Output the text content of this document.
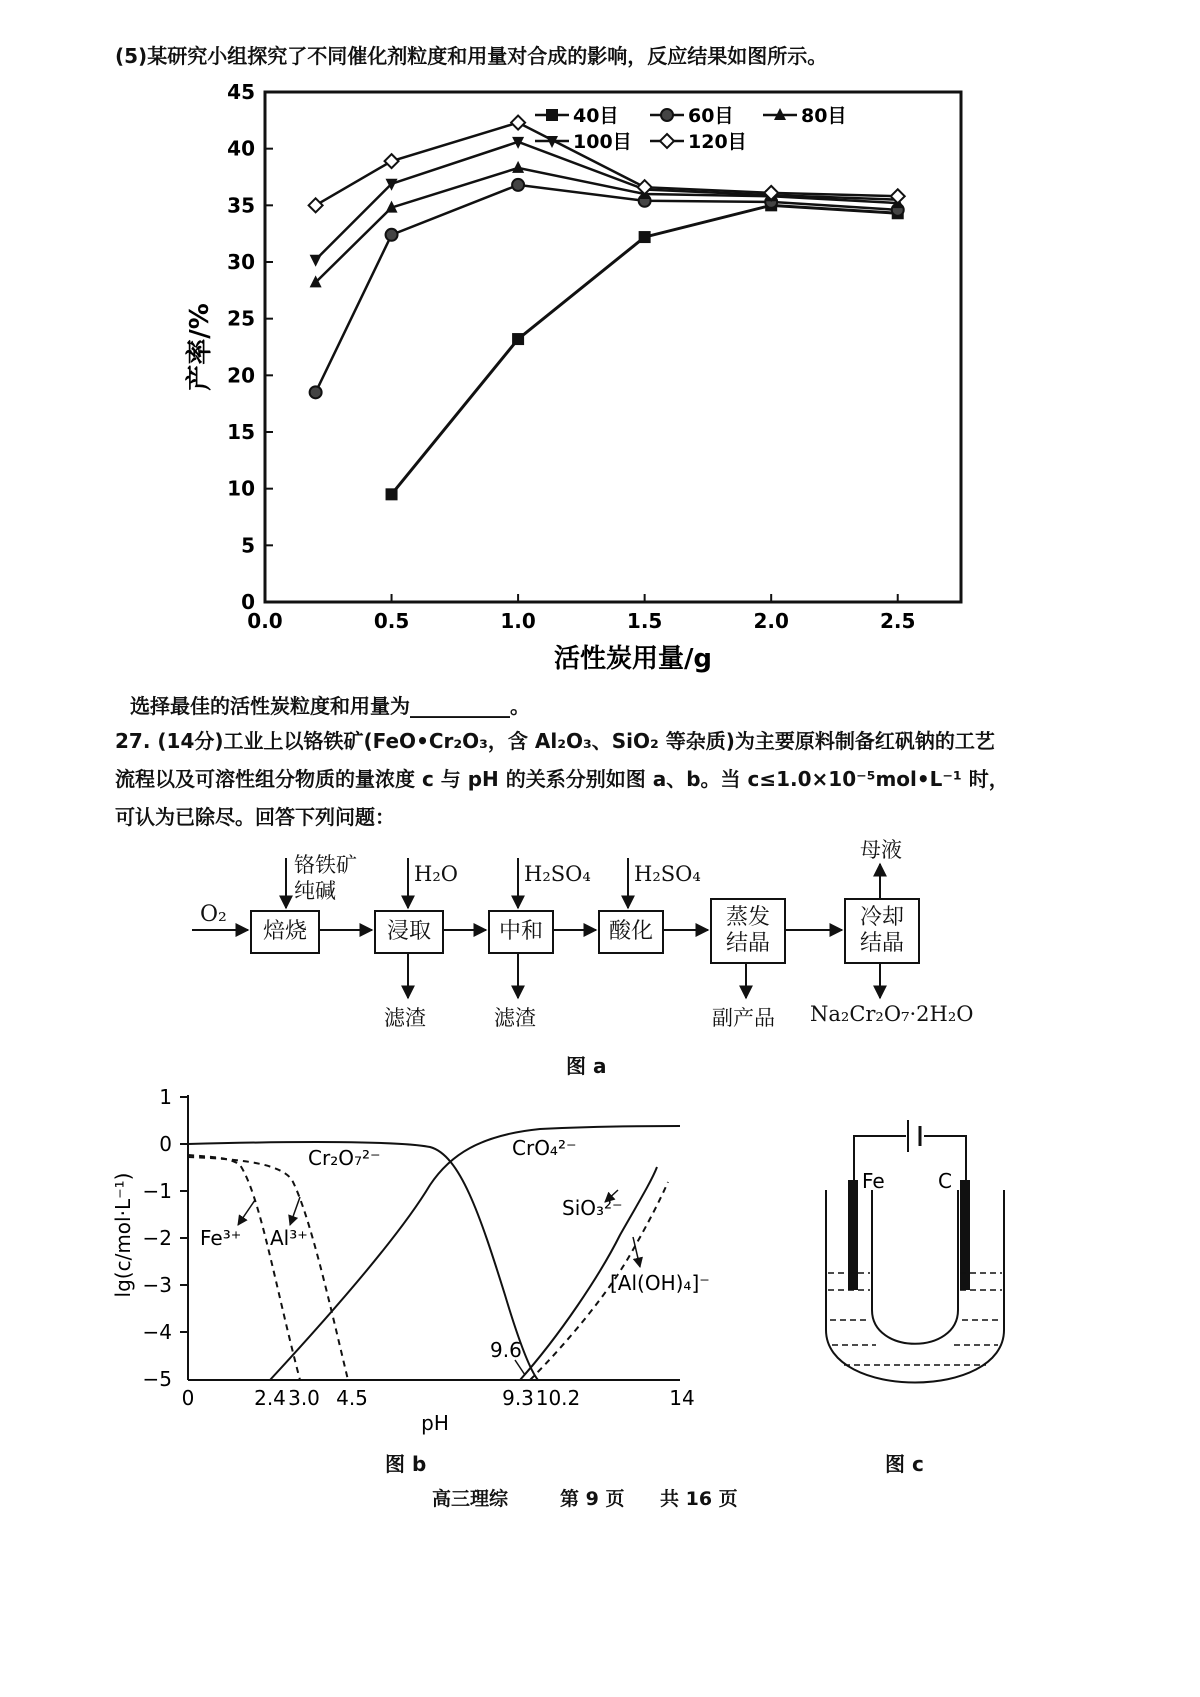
(5)某研究小组探究了不同催化剂粒度和用量对合成的影响，反应结果如图所示。
0.0	0.5	1.0	1.5	2.0	2.5
0
5
10
15
20
25
30
35
40
45
40目	60目	80目
100目	120目
活性炭用量/g
产率/%
选择最佳的活性炭粒度和用量为__________。
27. (14分)工业上以铬铁矿(FeO•Cr₂O₃，含 Al₂O₃、SiO₂ 等杂质)为主要原料制备红矾钠的工艺
流程以及可溶性组分物质的量浓度 c 与 pH 的关系分别如图 a、b。当 c≤1.0×10⁻⁵mol•L⁻¹ 时，
可认为已除尽。回答下列问题：
O₂
焙烧	浸取	中和	酸化
蒸发
结晶
冷却
结晶
铬铁矿
纯碱
H₂O	H₂SO₄ H₂SO₄
母液
滤渣	滤渣	副产品 Na₂Cr₂O₇·2H₂O
图 a
1
0
−1
−2
−3
−4
−5
lg(c/mol·L⁻¹)
0	2.4 3.0 4.5	9.3 10.2	14
pH
Cr₂O₇²⁻	CrO₄²⁻
Fe³⁺ Al³⁺
SiO₃²⁻
[Al(OH)₄]⁻
9.6
图 b
Fe	C
图 c
高三理综	第 9 页 共 16 页
